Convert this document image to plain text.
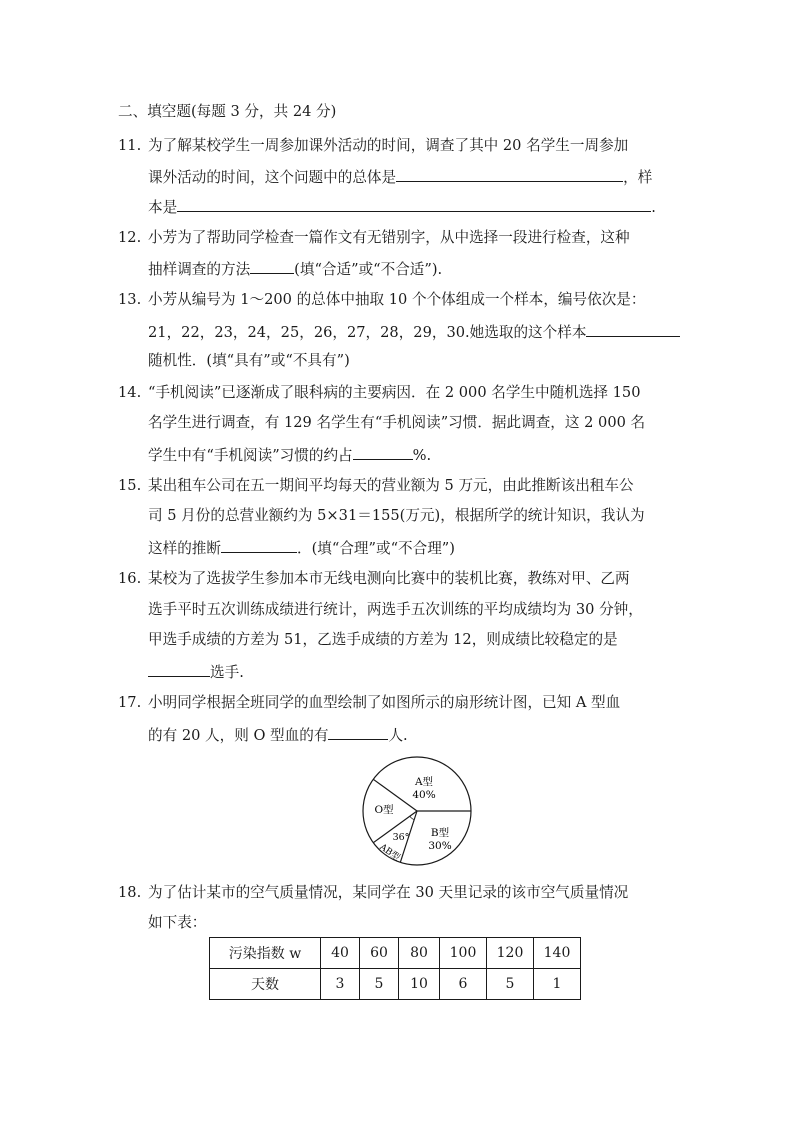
二、填空题(每题 3 分，共 24 分)
11. 为了解某校学生一周参加课外活动的时间，调查了其中 20 名学生一周参加
课外活动的时间，这个问题中的总体是	，样
本是	.
12. 小芳为了帮助同学检查一篇作文有无错别字，从中选择一段进行检查，这种
抽样调查的方法	(填“合适”或“不合适”).
13. 小芳从编号为 1～200 的总体中抽取 10 个个体组成一个样本，编号依次是：
21，22，23，24，25，26，27，28，29，30.她选取的这个样本
随机性．(填“具有”或“不具有”)
14. “手机阅读”已逐渐成了眼科病的主要病因．在 2 000 名学生中随机选择 150
名学生进行调查，有 129 名学生有“手机阅读”习惯．据此调查，这 2 000 名
学生中有“手机阅读”习惯的约占	%.
15. 某出租车公司在五一期间平均每天的营业额为 5 万元，由此推断该出租车公
司 5 月份的总营业额约为 5×31＝155(万元)，根据所学的统计知识，我认为
这样的推断	．(填“合理”或“不合理”)
16. 某校为了选拔学生参加本市无线电测向比赛中的装机比赛，教练对甲、乙两
选手平时五次训练成绩进行统计，两选手五次训练的平均成绩均为 30 分钟，
甲选手成绩的方差为 51，乙选手成绩的方差为 12，则成绩比较稳定的是
选手.
17. 小明同学根据全班同学的血型绘制了如图所示的扇形统计图，已知 A 型血
的有 20 人，则 O 型血的有	人.
A型
40%
B型
30%
O型
36°
AB型
18. 为了估计某市的空气质量情况，某同学在 30 天里记录的该市空气质量情况
如下表：
污染指数 w	40	60	80	100	120	140
天数	3	5	10	6	5	1
